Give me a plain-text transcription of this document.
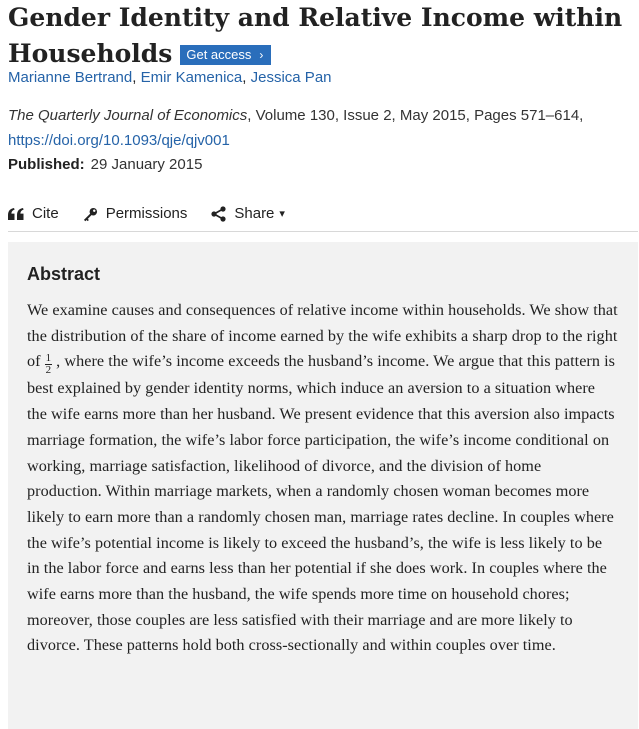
Gender Identity and Relative Income within Households Get access ›
Marianne Bertrand, Emir Kamenica, Jessica Pan
The Quarterly Journal of Economics, Volume 130, Issue 2, May 2015, Pages 571–614,
https://doi.org/10.1093/qje/qjv001
Published: 29 January 2015
Cite	Permissions	Share ▾
Abstract

We examine causes and consequences of relative income within households. We show that the distribution of the share of income earned by the wife exhibits a sharp drop to the right of $\frac{1}{2}$ , where the wife’s income exceeds the husband’s income. We argue that this pattern is best explained by gender identity norms, which induce an aversion to a situation where the wife earns more than her husband. We present evidence that this aversion also impacts marriage formation, the wife’s labor force participation, the wife’s income conditional on working, marriage satisfaction, likelihood of divorce, and the division of home production. Within marriage markets, when a randomly chosen woman becomes more likely to earn more than a randomly chosen man, marriage rates decline. In couples where the wife’s potential income is likely to exceed the husband’s, the wife is less likely to be in the labor force and earns less than her potential if she does work. In couples where the wife earns more than the husband, the wife spends more time on household chores; moreover, those couples are less satisfied with their marriage and are more likely to divorce. These patterns hold both cross-sectionally and within couples over time.
